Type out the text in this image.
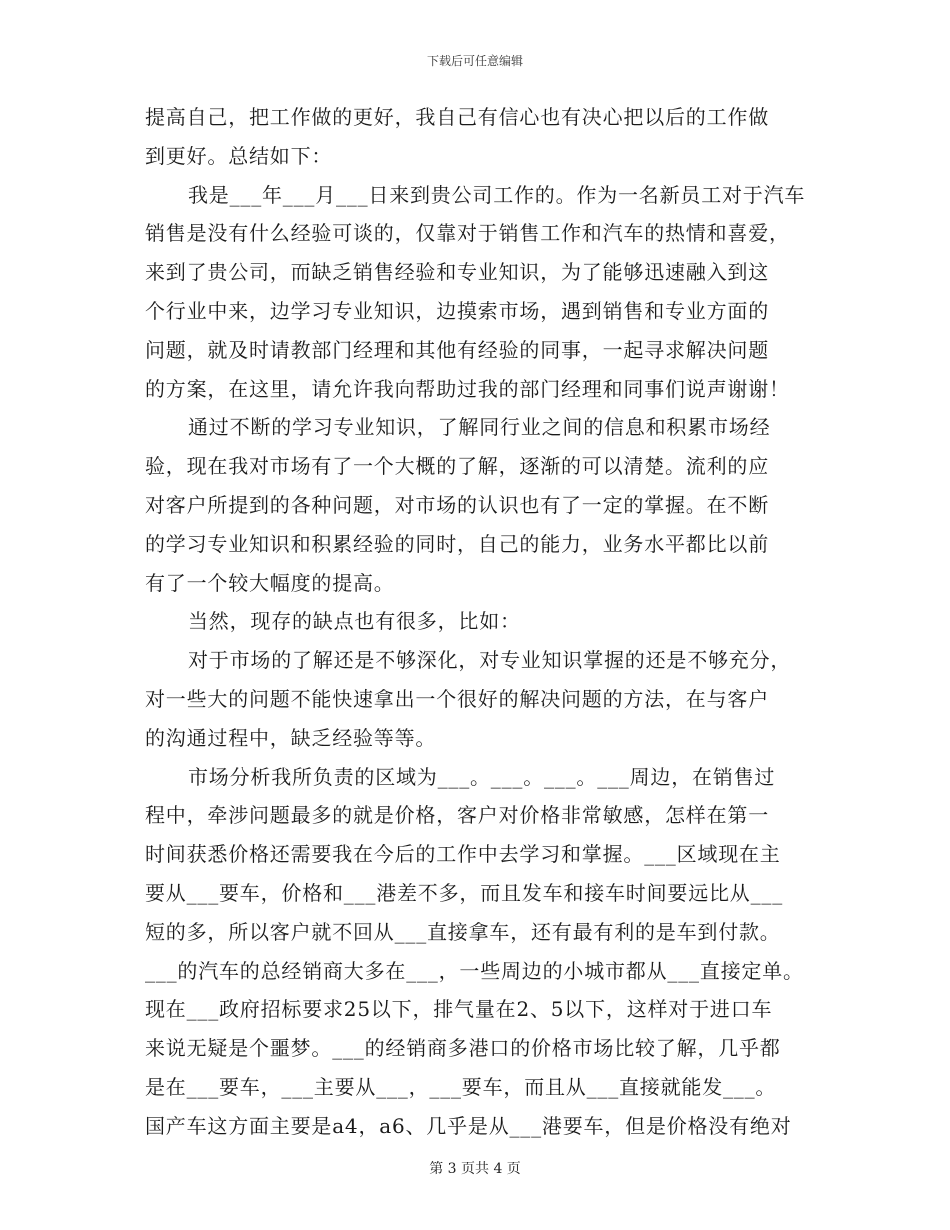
下载后可任意编辑
提高自己，把工作做的更好，我自己有信心也有决心把以后的工作做
到更好。总结如下：
我是___年___月___日来到贵公司工作的。作为一名新员工对于汽车
销售是没有什么经验可谈的，仅靠对于销售工作和汽车的热情和喜爱，
来到了贵公司，而缺乏销售经验和专业知识，为了能够迅速融入到这
个行业中来，边学习专业知识，边摸索市场，遇到销售和专业方面的
问题，就及时请教部门经理和其他有经验的同事，一起寻求解决问题
的方案，在这里，请允许我向帮助过我的部门经理和同事们说声谢谢！
通过不断的学习专业知识，了解同行业之间的信息和积累市场经
验，现在我对市场有了一个大概的了解，逐渐的可以清楚。流利的应
对客户所提到的各种问题，对市场的认识也有了一定的掌握。在不断
的学习专业知识和积累经验的同时，自己的能力，业务水平都比以前
有了一个较大幅度的提高。
当然，现存的缺点也有很多，比如：
对于市场的了解还是不够深化，对专业知识掌握的还是不够充分，
对一些大的问题不能快速拿出一个很好的解决问题的方法，在与客户
的沟通过程中，缺乏经验等等。
市场分析我所负责的区域为___。___。___。___周边，在销售过
程中，牵涉问题最多的就是价格，客户对价格非常敏感，怎样在第一
时间获悉价格还需要我在今后的工作中去学习和掌握。___区域现在主
要从___要车，价格和___港差不多，而且发车和接车时间要远比从___
短的多，所以客户就不回从___直接拿车，还有最有利的是车到付款。
___的汽车的总经销商大多在___，一些周边的小城市都从___直接定单。
现在___政府招标要求25以下，排气量在2、5以下，这样对于进口车
来说无疑是个噩梦。___的经销商多港口的价格市场比较了解，几乎都
是在___要车，___主要从___，___要车，而且从___直接就能发___。
国产车这方面主要是a4，a6、几乎是从___港要车，但是价格没有绝对
第 3 页共 4 页
